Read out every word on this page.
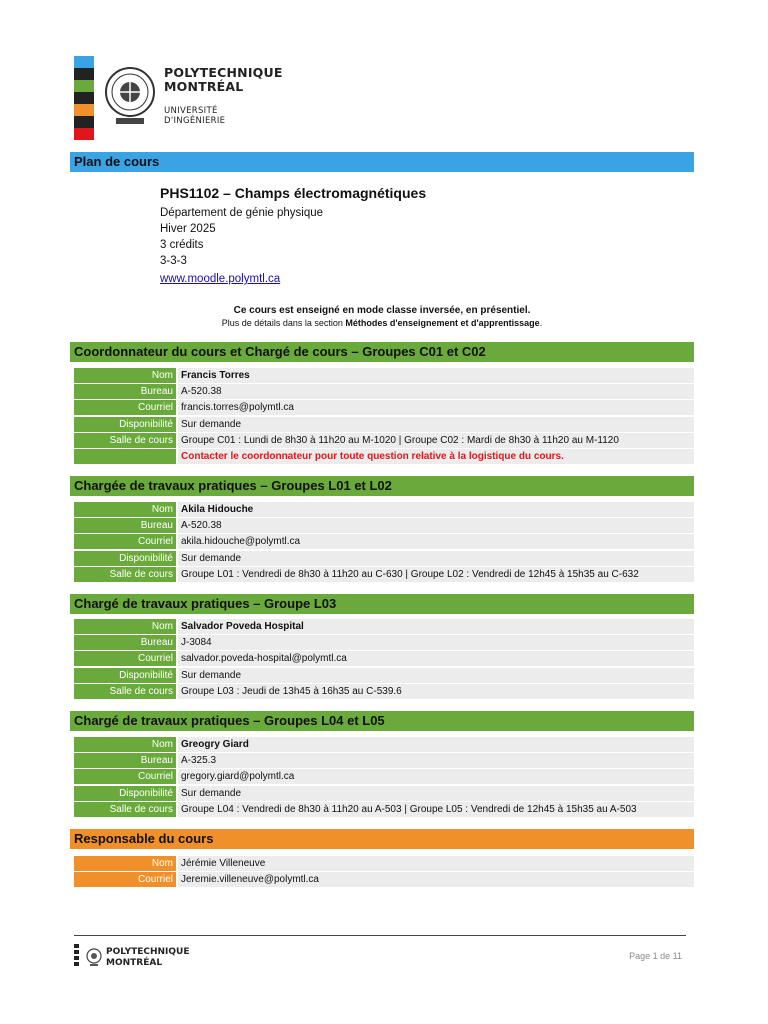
POLYTECHNIQUE
MONTRÉAL
UNIVERSITÉ
D'INGÉNIERIE
Plan de cours
PHS1102 – Champs électromagnétiques
Département de génie physique
Hiver 2025
3 crédits
3-3-3
www.moodle.polymtl.ca
Ce cours est enseigné en mode classe inversée, en présentiel.
Plus de détails dans la section Méthodes d'enseignement et d'apprentissage.
Coordonnateur du cours et Chargé de cours – Groupes C01 et C02
Nom Francis Torres
Bureau A-520.38
Courriel francis.torres@polymtl.ca
Disponibilité Sur demande
Salle de cours Groupe C01 : Lundi de 8h30 à 11h20 au M-1020 | Groupe C02 : Mardi de 8h30 à 11h20 au M-1120
Contacter le coordonnateur pour toute question relative à la logistique du cours.
Chargée de travaux pratiques – Groupes L01 et L02
Nom Akila Hidouche
Bureau A-520.38
Courriel akila.hidouche@polymtl.ca
Disponibilité Sur demande
Salle de cours Groupe L01 : Vendredi de 8h30 à 11h20 au C-630 | Groupe L02 : Vendredi de 12h45 à 15h35 au C-632
Chargé de travaux pratiques – Groupe L03
Nom Salvador Poveda Hospital
Bureau J-3084
Courriel salvador.poveda-hospital@polymtl.ca
Disponibilité Sur demande
Salle de cours Groupe L03 : Jeudi de 13h45 à 16h35 au C-539.6
Chargé de travaux pratiques – Groupes L04 et L05
Nom Greogry Giard
Bureau A-325.3
Courriel gregory.giard@polymtl.ca
Disponibilité Sur demande
Salle de cours Groupe L04 : Vendredi de 8h30 à 11h20 au A-503 | Groupe L05 : Vendredi de 12h45 à 15h35 au A-503
Responsable du cours
Nom Jérémie Villeneuve
Courriel Jeremie.villeneuve@polymtl.ca
POLYTECHNIQUE
MONTRÉAL
Page 1 de 11
